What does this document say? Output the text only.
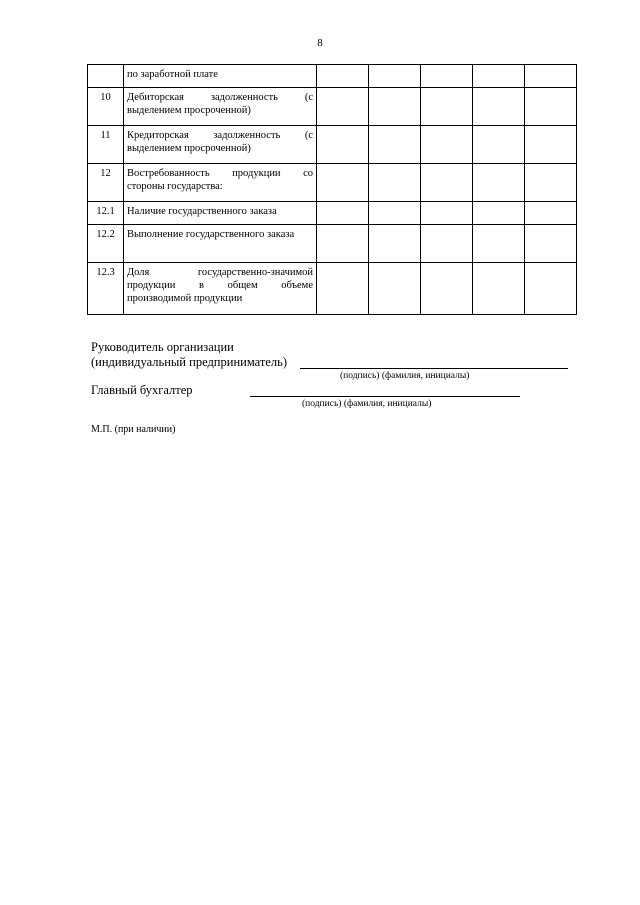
8
	по заработной плате					
10	Дебиторская задолженность (с выделением просроченной)					
11	Кредиторская задолженность (с выделением просроченной)					
12	Востребованность продукции со стороны государства:					
12.1	Наличие государственного заказа					
12.2	Выполнение государственного заказа					
12.3	Доля государственно-значимой продукции в общем объеме производимой продукции					
Руководитель организации
(индивидуальный предприниматель)
(подпись) (фамилия, инициалы)
Главный бухгалтер
(подпись) (фамилия, инициалы)
М.П. (при наличии)
